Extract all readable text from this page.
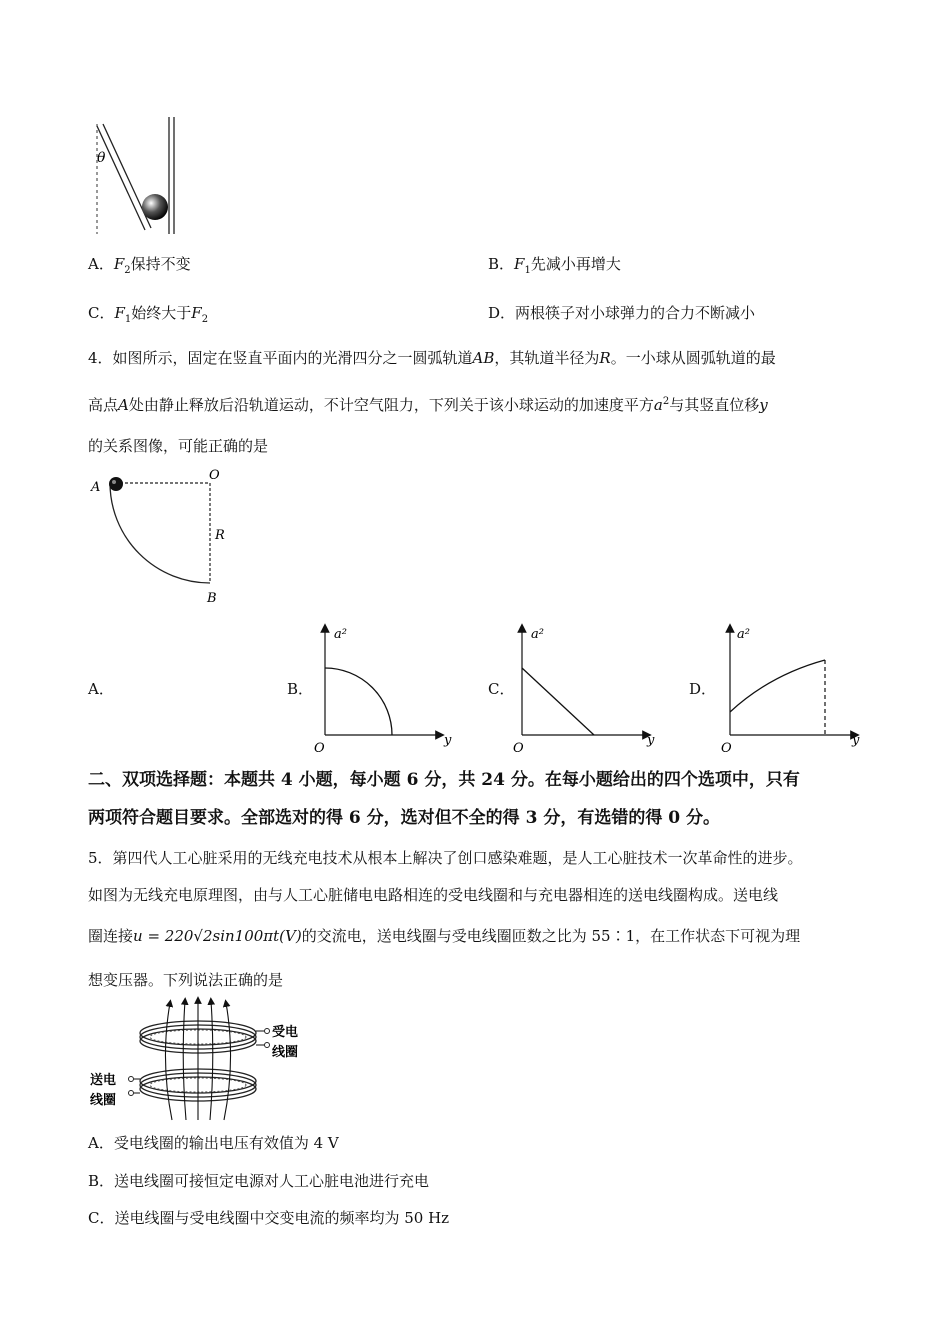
θ
A．$F_2$保持不变	B．$F_1$先减小再增大
C．$F_1$始终大于$F_2$	D．两根筷子对小球弹力的合力不断减小
4．如图所示，固定在竖直平面内的光滑四分之一圆弧轨道AB，其轨道半径为R。一小球从圆弧轨道的最
高点A处由静止释放后沿轨道运动，不计空气阻力，下列关于该小球运动的加速度平方$a^2$与其竖直位移y
的关系图像，可能正确的是
A
O
R
B
A．	B．	C．	D．
a²
y
O
a²
y
O
a²
y
O
二、双项选择题：本题共 4 小题，每小题 6 分，共 24 分。在每小题给出的四个选项中，只有
两项符合题目要求。全部选对的得 6 分，选对但不全的得 3 分，有选错的得 0 分。
5．第四代人工心脏采用的无线充电技术从根本上解决了创口感染难题，是人工心脏技术一次革命性的进步。
如图为无线充电原理图，由与人工心脏储电电路相连的受电线圈和与充电器相连的送电线圈构成。送电线
圈连接u = 220√2sin100πt(V)的交流电，送电线圈与受电线圈匝数之比为 55∶1，在工作状态下可视为理
想变压器。下列说法正确的是
受电
线圈
送电
线圈
A．受电线圈的输出电压有效值为 4 V
B．送电线圈可接恒定电源对人工心脏电池进行充电
C．送电线圈与受电线圈中交变电流的频率均为 50 Hz
